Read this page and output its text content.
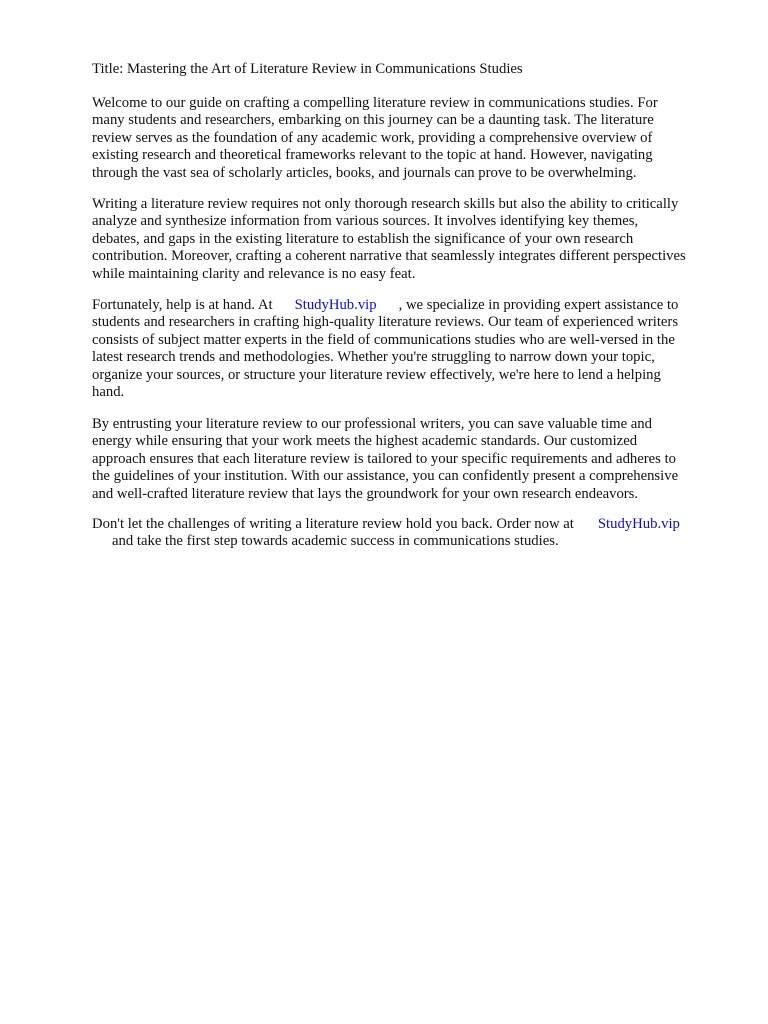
Title: Mastering the Art of Literature Review in Communications Studies

Welcome to our guide on crafting a compelling literature review in communications studies. For
many students and researchers, embarking on this journey can be a daunting task. The literature
review serves as the foundation of any academic work, providing a comprehensive overview of
existing research and theoretical frameworks relevant to the topic at hand. However, navigating
through the vast sea of scholarly articles, books, and journals can prove to be overwhelming.

Writing a literature review requires not only thorough research skills but also the ability to critically
analyze and synthesize information from various sources. It involves identifying key themes,
debates, and gaps in the existing literature to establish the significance of your own research
contribution. Moreover, crafting a coherent narrative that seamlessly integrates different perspectives
while maintaining clarity and relevance is no easy feat.

Fortunately, help is at hand. At StudyHub.vip , we specialize in providing expert assistance to
students and researchers in crafting high-quality literature reviews. Our team of experienced writers
consists of subject matter experts in the field of communications studies who are well-versed in the
latest research trends and methodologies. Whether you're struggling to narrow down your topic,
organize your sources, or structure your literature review effectively, we're here to lend a helping
hand.

By entrusting your literature review to our professional writers, you can save valuable time and
energy while ensuring that your work meets the highest academic standards. Our customized
approach ensures that each literature review is tailored to your specific requirements and adheres to
the guidelines of your institution. With our assistance, you can confidently present a comprehensive
and well-crafted literature review that lays the groundwork for your own research endeavors.

Don't let the challenges of writing a literature review hold you back. Order now at StudyHub.vip
and take the first step towards academic success in communications studies.
